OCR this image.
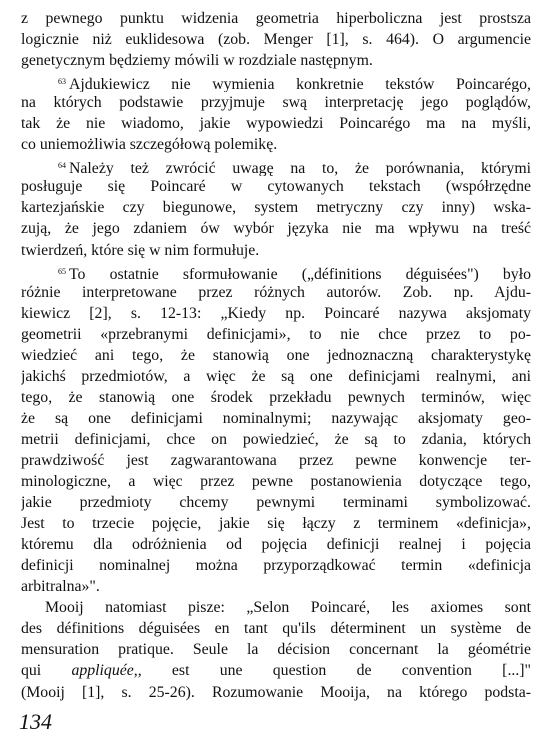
z pewnego punktu widzenia geometria hiperboliczna jest prostsza
logicznie niż euklidesowa (zob. Menger [1], s. 464). O argumencie
genetycznym będziemy mówili w rozdziale następnym.
$^{63}$ Ajdukiewicz nie wymienia konkretnie tekstów Poincarégo,
na których podstawie przyjmuje swą interpretację jego poglądów,
tak że nie wiadomo, jakie wypowiedzi Poincarégo ma na myśli,
co uniemożliwia szczegółową polemikę.
$^{64}$ Należy też zwrócić uwagę na to, że porównania, którymi
posługuje się Poincaré w cytowanych tekstach (współrzędne
kartezjańskie czy biegunowe, system metryczny czy inny) wska-
zują, że jego zdaniem ów wybór języka nie ma wpływu na treść
twierdzeń, które się w nim formułuje.
$^{65}$ To ostatnie sformułowanie („définitions déguisées") było
różnie interpretowane przez różnych autorów. Zob. np. Ajdu-
kiewicz [2], s. 12-13: „Kiedy np. Poincaré nazywa aksjomaty
geometrii «przebranymi definicjami», to nie chce przez to po-
wiedzieć ani tego, że stanowią one jednoznaczną charakterystykę
jakichś przedmiotów, a więc że są one definicjami realnymi, ani
tego, że stanowią one środek przekładu pewnych terminów, więc
że są one definicjami nominalnymi; nazywając aksjomaty geo-
metrii definicjami, chce on powiedzieć, że są to zdania, których
prawdziwość jest zagwarantowana przez pewne konwencje ter-
minologiczne, a więc przez pewne postanowienia dotyczące tego,
jakie przedmioty chcemy pewnymi terminami symbolizować.
Jest to trzecie pojęcie, jakie się łączy z terminem «definicja»,
któremu dla odróżnienia od pojęcia definicji realnej i pojęcia
definicji nominalnej można przyporządkować termin «definicja
arbitralna»".
Mooij natomiast pisze: „Selon Poincaré, les axiomes sont
des définitions déguisées en tant qu'ils déterminent un système de
mensuration pratique. Seule la décision concernant la géométrie
qui appliquée,, est une question de convention [...]"
(Mooij [1], s. 25-26). Rozumowanie Mooija, na którego podsta-
134
